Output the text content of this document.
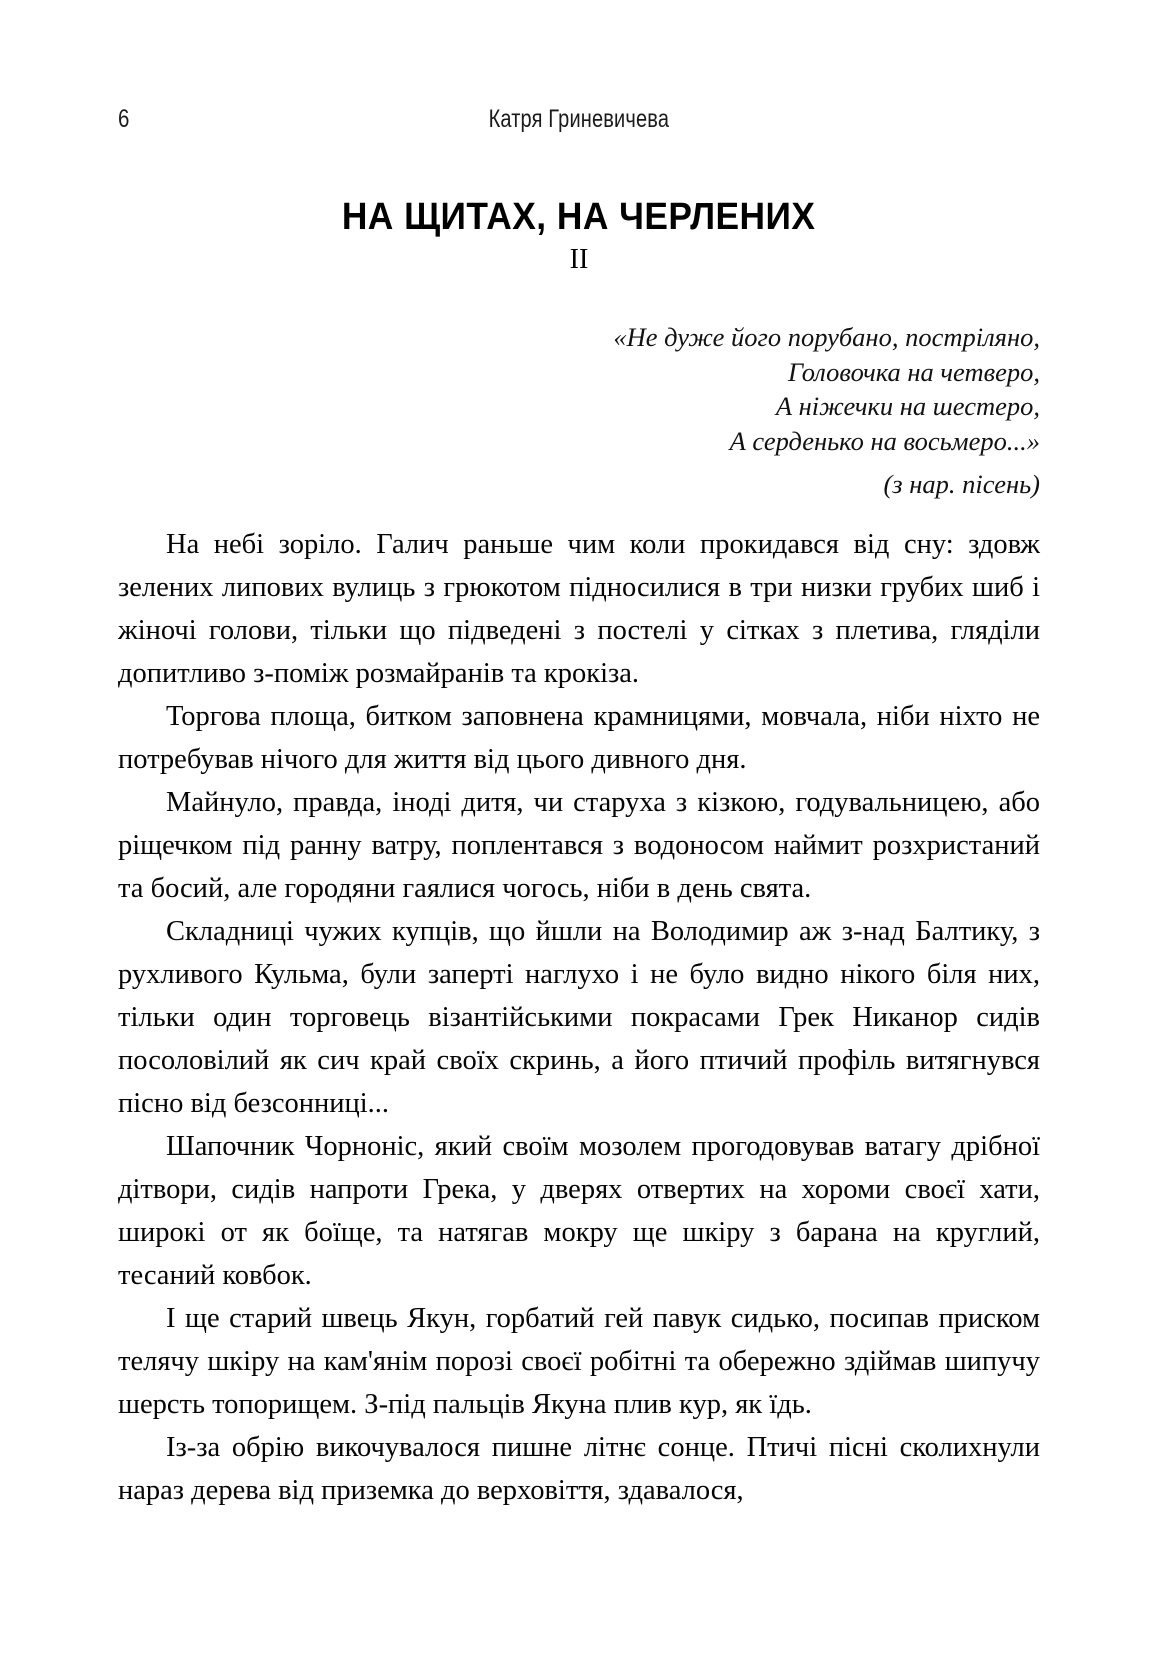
6	Катря Гриневичева
НА ЩИТАХ, НА ЧЕРЛЕНИХ
II
«Не дуже його порубано, пострiляно,
Головочка на четверо,
А нiжечки на шестеро,
А серденько на восьмеро...»
(з нар. пісень)

На небі зоріло. Галич раньше чим коли прокидався від сну: здовж зелених липових вулиць з грюкотом підносилися в три низки грубих шиб і жіночі голови, тільки що підведені з постелі у сітках з плетива, гляділи допитливо з-поміж розмайранів та крокіза.

Торгова площа, битком заповнена крамницями, мовчала, ніби ніхто не потребував нічого для життя від цього дивного дня.

Майнуло, правда, іноді дитя, чи старуха з кізкою, годувальницею, або ріщечком під ранну ватру, поплентався з водоносом наймит розхристаний та босий, але городяни гаялися чогось, ніби в день свята.

Складниці чужих купців, що йшли на Володимир аж з-над Балтику, з рухливого Кульма, були заперті наглухо і не було видно нікого біля них, тільки один торговець візантійськими покрасами Грек Никанор сидів посоловілий як сич край своїх скринь, а його птичий профіль витягнувся пісно від безсонниці...

Шапочник Чорноніс, який своїм мозолем прогодовував ватагу дрібної дітвори, сидів напроти Грека, у дверях отвертих на хороми своєї хати, широкі от як боїще, та натягав мокру ще шкіру з барана на круглий, тесаний ковбок.

І ще старий швець Якун, горбатий гей павук сидько, посипав приском телячу шкіру на кам'янім порозі своєї робітні та обережно здіймав шипучу шерсть топорищем. З-під пальців Якуна плив кур, як їдь.

Із-за обрію викочувалося пишне літнє сонце. Птичі пісні сколихнули нараз дерева від приземка до верховіття, здавалося,
